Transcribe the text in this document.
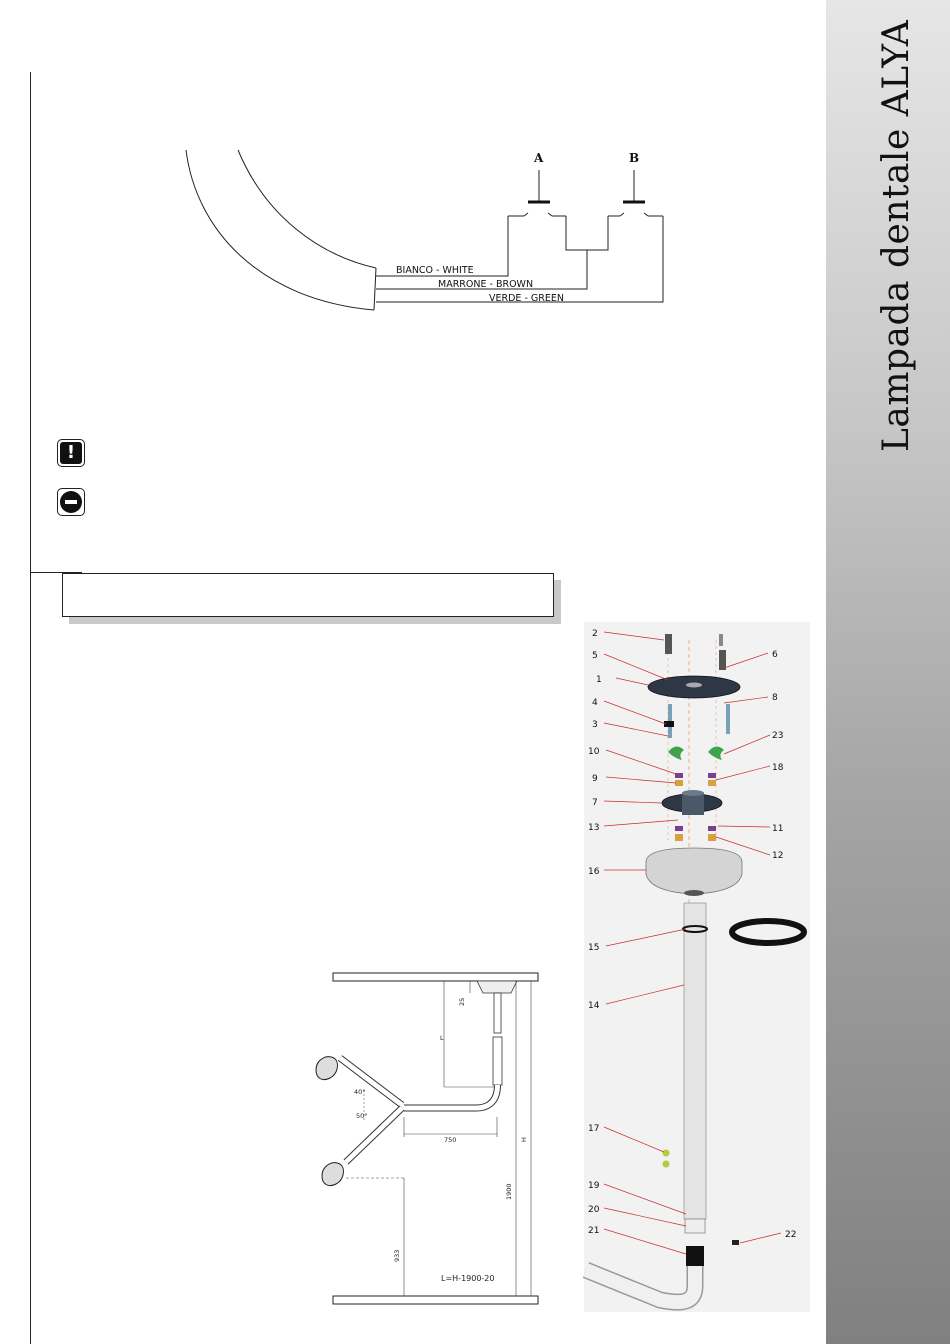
Lampada dentale ALYA
A	B
BIANCO - WHITE
MARRONE - BROWN
VERDE - GREEN
!
25
L
750	H
1900
933
40°
50°
L=H-1900-20
2
5
1
4
3
10
9
7
13
16
15
14
17
19
20
21
6
8
23
18
11
12
22
